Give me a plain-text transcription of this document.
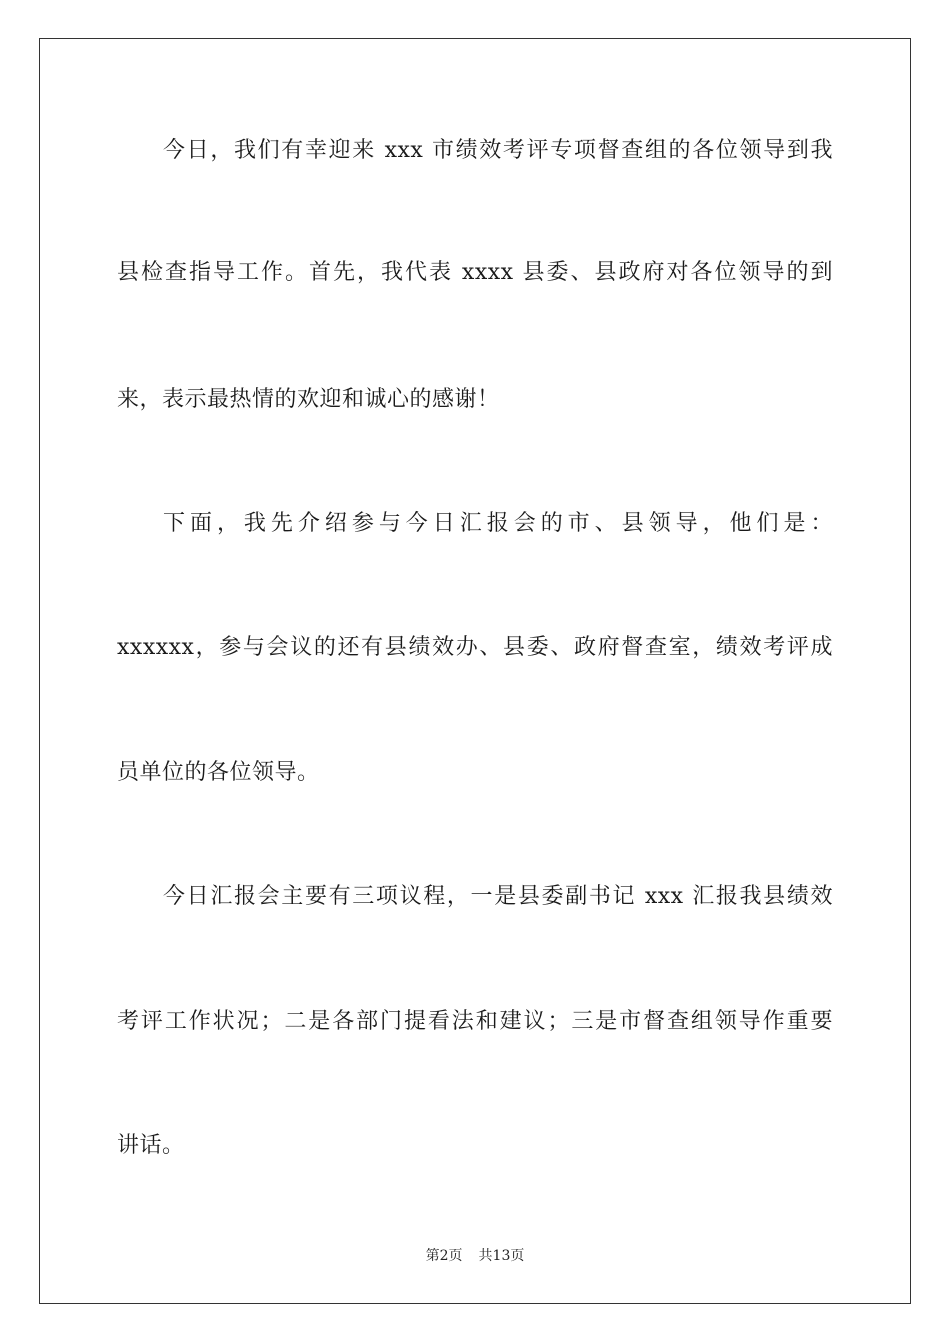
今日，我们有幸迎来 xxx 市绩效考评专项督查组的各位领导到我
县检查指导工作。首先，我代表 xxxx 县委、县政府对各位领导的到
来，表示最热情的欢迎和诚心的感谢！
下面，我先介绍参与今日汇报会的市、县领导，他们是：
xxxxxx，参与会议的还有县绩效办、县委、政府督查室，绩效考评成
员单位的各位领导。
今日汇报会主要有三项议程，一是县委副书记 xxx 汇报我县绩效
考评工作状况；二是各部门提看法和建议；三是市督查组领导作重要
讲话。
第2页 共13页
